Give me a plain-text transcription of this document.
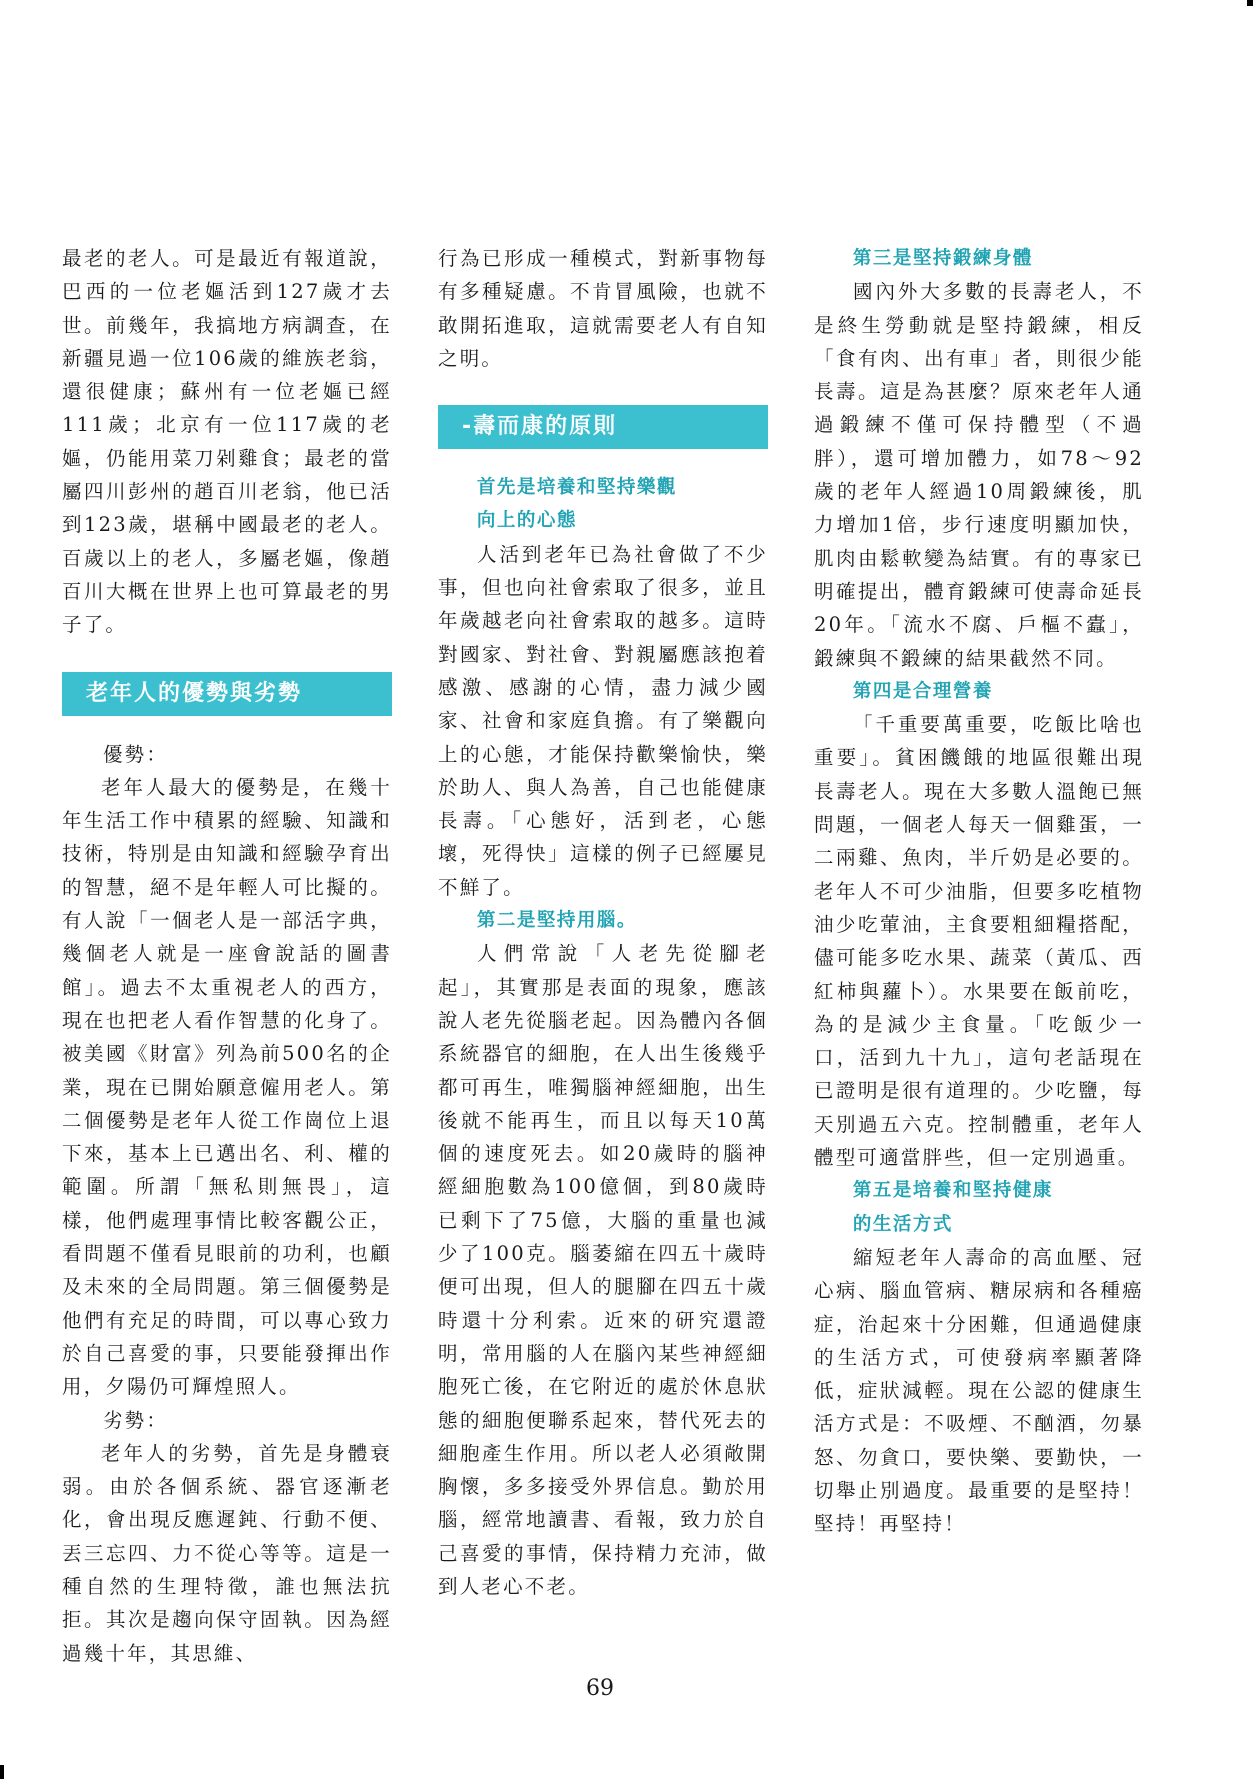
最老的老人。可是最近有報道說，巴西的一位老嫗活到127歲才去世。前幾年，我搞地方病調查，在新疆見過一位106歲的維族老翁，還很健康；蘇州有一位老嫗已經111歲；北京有一位117歲的老嫗，仍能用菜刀剁雞食；最老的當屬四川彭州的趙百川老翁，他已活到123歲，堪稱中國最老的老人。百歲以上的老人，多屬老嫗，像趙百川大概在世界上也可算最老的男子了。

老年人的優勢與劣勢

優勢：

老年人最大的優勢是，在幾十年生活工作中積累的經驗、知識和技術，特別是由知識和經驗孕育出的智慧，絕不是年輕人可比擬的。有人說「一個老人是一部活字典，幾個老人就是一座會說話的圖書館」。過去不太重視老人的西方，現在也把老人看作智慧的化身了。被美國《財富》列為前500名的企業，現在已開始願意僱用老人。第二個優勢是老年人從工作崗位上退下來，基本上已邁出名、利、權的範圍。所謂「無私則無畏」，這樣，他們處理事情比較客觀公正，看問題不僅看見眼前的功利，也顧及未來的全局問題。第三個優勢是他們有充足的時間，可以專心致力於自己喜愛的事，只要能發揮出作用，夕陽仍可輝煌照人。

劣勢：

老年人的劣勢，首先是身體衰弱。由於各個系統、器官逐漸老化，會出現反應遲鈍、行動不便、丟三忘四、力不從心等等。這是一種自然的生理特徵，誰也無法抗拒。其次是趨向保守固執。因為經過幾十年，其思維、

行為已形成一種模式，對新事物每有多種疑慮。不肯冒風險，也就不敢開拓進取，這就需要老人有自知之明。

-壽而康的原則

首先是培養和堅持樂觀

向上的心態

人活到老年已為社會做了不少事，但也向社會索取了很多，並且年歲越老向社會索取的越多。這時對國家、對社會、對親屬應該抱着感激、感謝的心情，盡力減少國家、社會和家庭負擔。有了樂觀向上的心態，才能保持歡樂愉快，樂於助人、與人為善，自己也能健康長壽。「心態好，活到老，心態壞，死得快」這樣的例子已經屢見不鮮了。

第二是堅持用腦。

人們常說「人老先從腳老起」，其實那是表面的現象，應該說人老先從腦老起。因為體內各個系統器官的細胞，在人出生後幾乎都可再生，唯獨腦神經細胞，出生後就不能再生，而且以每天10萬個的速度死去。如20歲時的腦神經細胞數為100億個，到80歲時已剩下了75億，大腦的重量也減少了100克。腦萎縮在四五十歲時便可出現，但人的腿腳在四五十歲時還十分利索。近來的研究還證明，常用腦的人在腦內某些神經細胞死亡後，在它附近的處於休息狀態的細胞便聯系起來，替代死去的細胞產生作用。所以老人必須敞開胸懷，多多接受外界信息。勤於用腦，經常地讀書、看報，致力於自己喜愛的事情，保持精力充沛，做到人老心不老。

第三是堅持鍛練身體

國內外大多數的長壽老人，不是終生勞動就是堅持鍛練，相反「食有肉、出有車」者，則很少能長壽。這是為甚麼？原來老年人通過鍛練不僅可保持體型（不過胖），還可增加體力，如78～92歲的老年人經過10周鍛練後，肌力增加1倍，步行速度明顯加快，肌肉由鬆軟變為結實。有的專家已明確提出，體育鍛練可使壽命延長20年。「流水不腐、戶樞不蠹」，鍛練與不鍛練的結果截然不同。

第四是合理營養

「千重要萬重要，吃飯比啥也重要」。貧困饑餓的地區很難出現長壽老人。現在大多數人溫飽已無問題，一個老人每天一個雞蛋，一二兩雞、魚肉，半斤奶是必要的。老年人不可少油脂，但要多吃植物油少吃葷油，主食要粗細糧搭配，儘可能多吃水果、蔬菜（黃瓜、西紅柿與蘿卜）。水果要在飯前吃，為的是減少主食量。「吃飯少一口，活到九十九」，這句老話現在已證明是很有道理的。少吃鹽，每天別過五六克。控制體重，老年人體型可適當胖些，但一定別過重。

第五是培養和堅持健康

的生活方式

縮短老年人壽命的高血壓、冠心病、腦血管病、糖尿病和各種癌症，治起來十分困難，但通過健康的生活方式，可使發病率顯著降低，症狀減輕。現在公認的健康生活方式是：不吸煙、不酗酒，勿暴怒、勿貪口，要快樂、要勤快，一切舉止別過度。最重要的是堅持！堅持！再堅持！

69
